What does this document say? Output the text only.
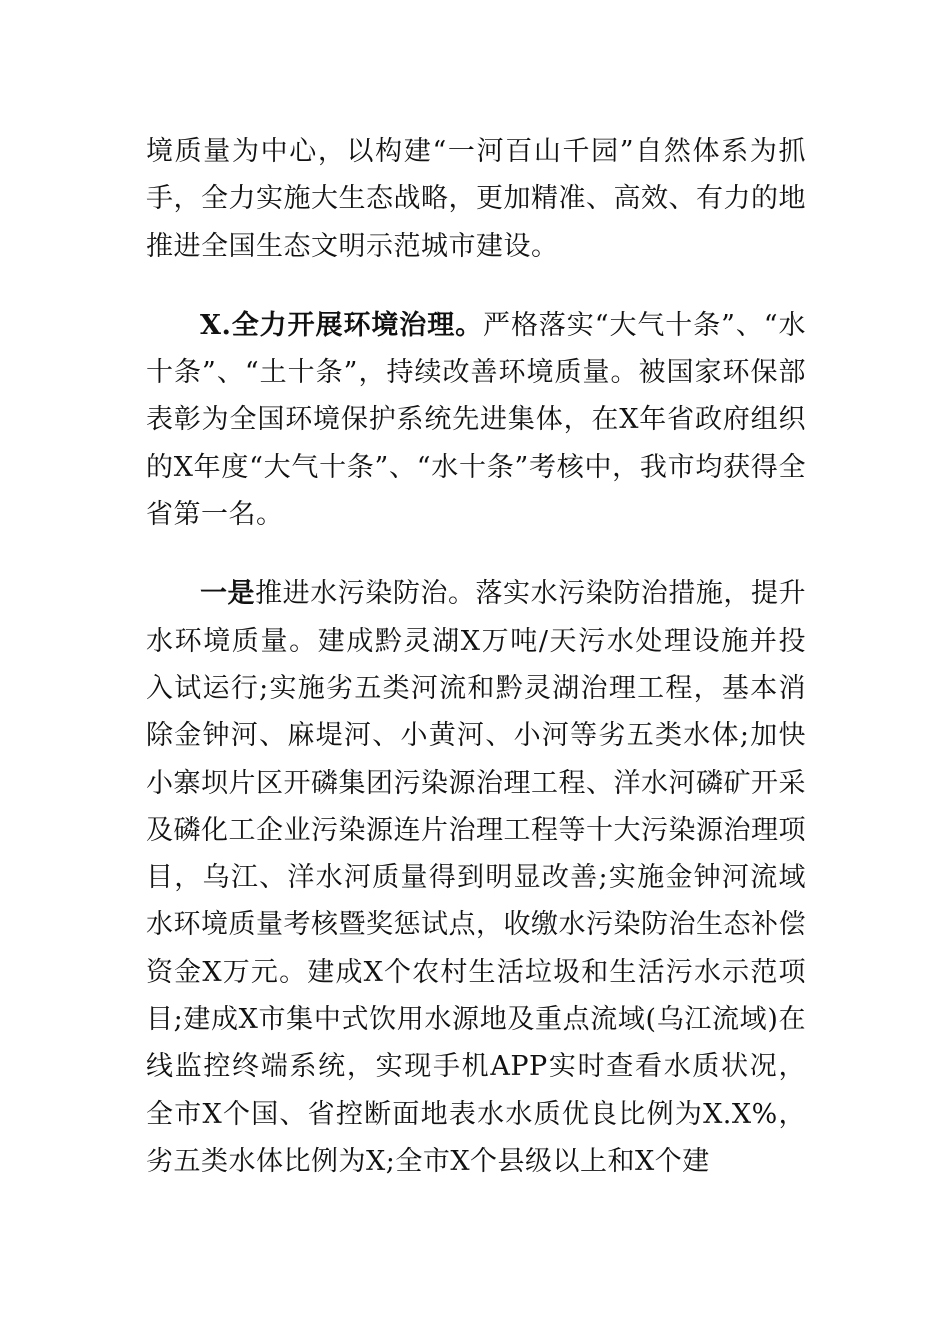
境质量为中心，以构建“一河百山千园”自然体系为抓手，全力实施大生态战略，更加精准、高效、有力的地推进全国生态文明示范城市建设。

X.全力开展环境治理。严格落实“大气十条”、“水十条”、“土十条”，持续改善环境质量。被国家环保部表彰为全国环境保护系统先进集体，在X年省政府组织的X年度“大气十条”、“水十条”考核中，我市均获得全省第一名。

一是推进水污染防治。落实水污染防治措施，提升水环境质量。建成黔灵湖X万吨/天污水处理设施并投入试运行;实施劣五类河流和黔灵湖治理工程，基本消除金钟河、麻堤河、小黄河、小河等劣五类水体;加快小寨坝片区开磷集团污染源治理工程、洋水河磷矿开采及磷化工企业污染源连片治理工程等十大污染源治理项目，乌江、洋水河质量得到明显改善;实施金钟河流域水环境质量考核暨奖惩试点，收缴水污染防治生态补偿资金X万元。建成X个农村生活垃圾和生活污水示范项目;建成X市集中式饮用水源地及重点流域(乌江流域)在线监控终端系统，实现手机APP实时查看水质状况，全市X个国、省控断面地表水水质优良比例为X.X%，劣五类水体比例为X;全市X个县级以上和X个建
